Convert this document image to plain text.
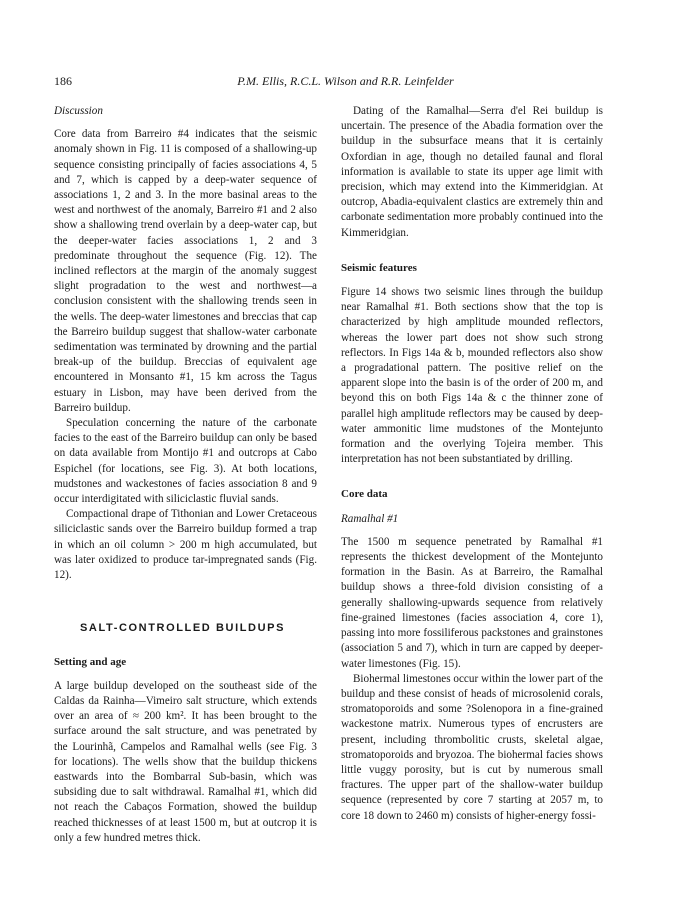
186	P.M. Ellis, R.C.L. Wilson and R.R. Leinfelder

Discussion

Core data from Barreiro #4 indicates that the seismic anomaly shown in Fig. 11 is composed of a shallowing-up sequence consisting principally of facies associations 4, 5 and 7, which is capped by a deep-water sequence of associations 1, 2 and 3. In the more basinal areas to the west and northwest of the anomaly, Barreiro #1 and 2 also show a shallowing trend overlain by a deep-water cap, but the deeper-water facies associations 1, 2 and 3 predominate throughout the sequence (Fig. 12). The inclined reflectors at the margin of the anomaly suggest slight progradation to the west and northwest—a conclusion consistent with the shallowing trends seen in the wells. The deep-water limestones and breccias that cap the Barreiro buildup suggest that shallow-water carbonate sedimentation was terminated by drowning and the partial break-up of the buildup. Breccias of equivalent age encountered in Monsanto #1, 15 km across the Tagus estuary in Lisbon, may have been derived from the Barreiro buildup.

Speculation concerning the nature of the carbonate facies to the east of the Barreiro buildup can only be based on data available from Montijo #1 and outcrops at Cabo Espichel (for locations, see Fig. 3). At both locations, mudstones and wackestones of facies association 8 and 9 occur interdigitated with siliciclastic fluvial sands.

Compactional drape of Tithonian and Lower Cretaceous siliciclastic sands over the Barreiro buildup formed a trap in which an oil column > 200 m high accumulated, but was later oxidized to produce tar-impregnated sands (Fig. 12).

SALT-CONTROLLED BUILDUPS

Setting and age

A large buildup developed on the southeast side of the Caldas da Rainha—Vimeiro salt structure, which extends over an area of ≈ 200 km². It has been brought to the surface around the salt structure, and was penetrated by the Lourinhã, Campelos and Ramalhal wells (see Fig. 3 for locations). The wells show that the buildup thickens eastwards into the Bombarral Sub-basin, which was subsiding due to salt withdrawal. Ramalhal #1, which did not reach the Cabaços Formation, showed the buildup reached thicknesses of at least 1500 m, but at outcrop it is only a few hundred metres thick.

Dating of the Ramalhal—Serra d'el Rei buildup is uncertain. The presence of the Abadia formation over the buildup in the subsurface means that it is certainly Oxfordian in age, though no detailed faunal and floral information is available to state its upper age limit with precision, which may extend into the Kimmeridgian. At outcrop, Abadia-equivalent clastics are extremely thin and carbonate sedimentation more probably continued into the Kimmeridgian.

Seismic features

Figure 14 shows two seismic lines through the buildup near Ramalhal #1. Both sections show that the top is characterized by high amplitude mounded reflectors, whereas the lower part does not show such strong reflectors. In Figs 14a & b, mounded reflectors also show a progradational pattern. The positive relief on the apparent slope into the basin is of the order of 200 m, and beyond this on both Figs 14a & c the thinner zone of parallel high amplitude reflectors may be caused by deep-water ammonitic lime mudstones of the Montejunto formation and the overlying Tojeira member. This interpretation has not been substantiated by drilling.

Core data

Ramalhal #1

The 1500 m sequence penetrated by Ramalhal #1 represents the thickest development of the Montejunto formation in the Basin. As at Barreiro, the Ramalhal buildup shows a three-fold division consisting of a generally shallowing-upwards sequence from relatively fine-grained limestones (facies association 4, core 1), passing into more fossiliferous packstones and grainstones (association 5 and 7), which in turn are capped by deeper-water limestones (Fig. 15).

Biohermal limestones occur within the lower part of the buildup and these consist of heads of microsolenid corals, stromatoporoids and some ?Solenopora in a fine-grained wackestone matrix. Numerous types of encrusters are present, including thrombolitic crusts, skeletal algae, stromatoporoids and bryozoa. The biohermal facies shows little vuggy porosity, but is cut by numerous small fractures. The upper part of the shallow-water buildup sequence (represented by core 7 starting at 2057 m, to core 18 down to 2460 m) consists of higher-energy fossi-
